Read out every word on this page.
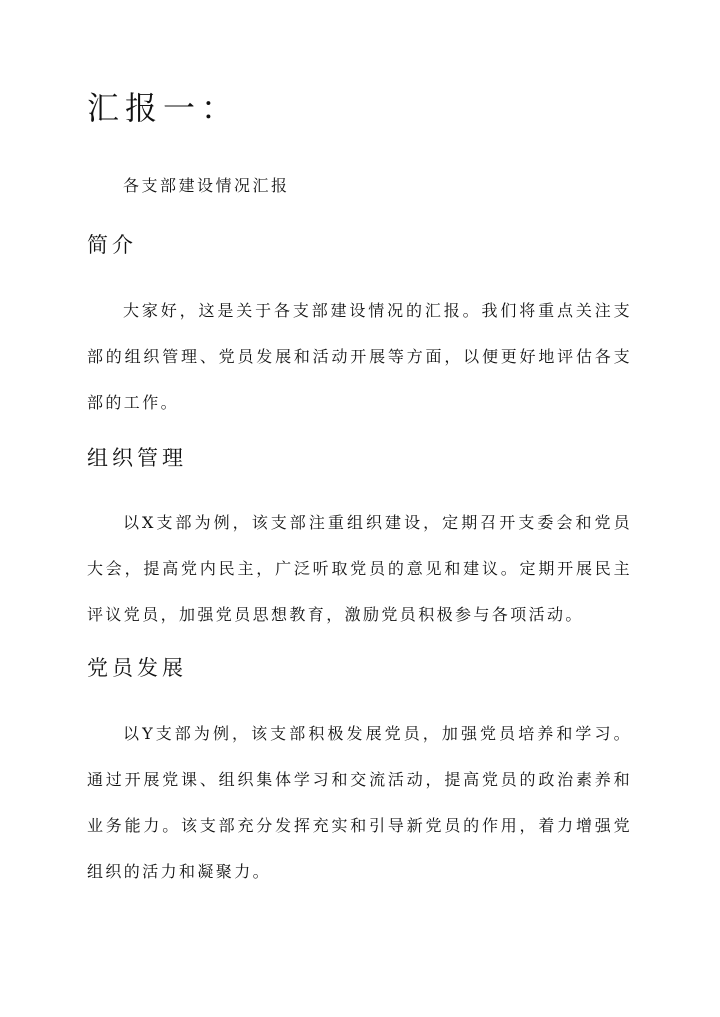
汇报一：

各支部建设情况汇报

简介

大家好，这是关于各支部建设情况的汇报。我们将重点关注支部的组织管理、党员发展和活动开展等方面，以便更好地评估各支部的工作。

组织管理

以X支部为例，该支部注重组织建设，定期召开支委会和党员大会，提高党内民主，广泛听取党员的意见和建议。定期开展民主评议党员，加强党员思想教育，激励党员积极参与各项活动。

党员发展

以Y支部为例，该支部积极发展党员，加强党员培养和学习。通过开展党课、组织集体学习和交流活动，提高党员的政治素养和业务能力。该支部充分发挥充实和引导新党员的作用，着力增强党组织的活力和凝聚力。
